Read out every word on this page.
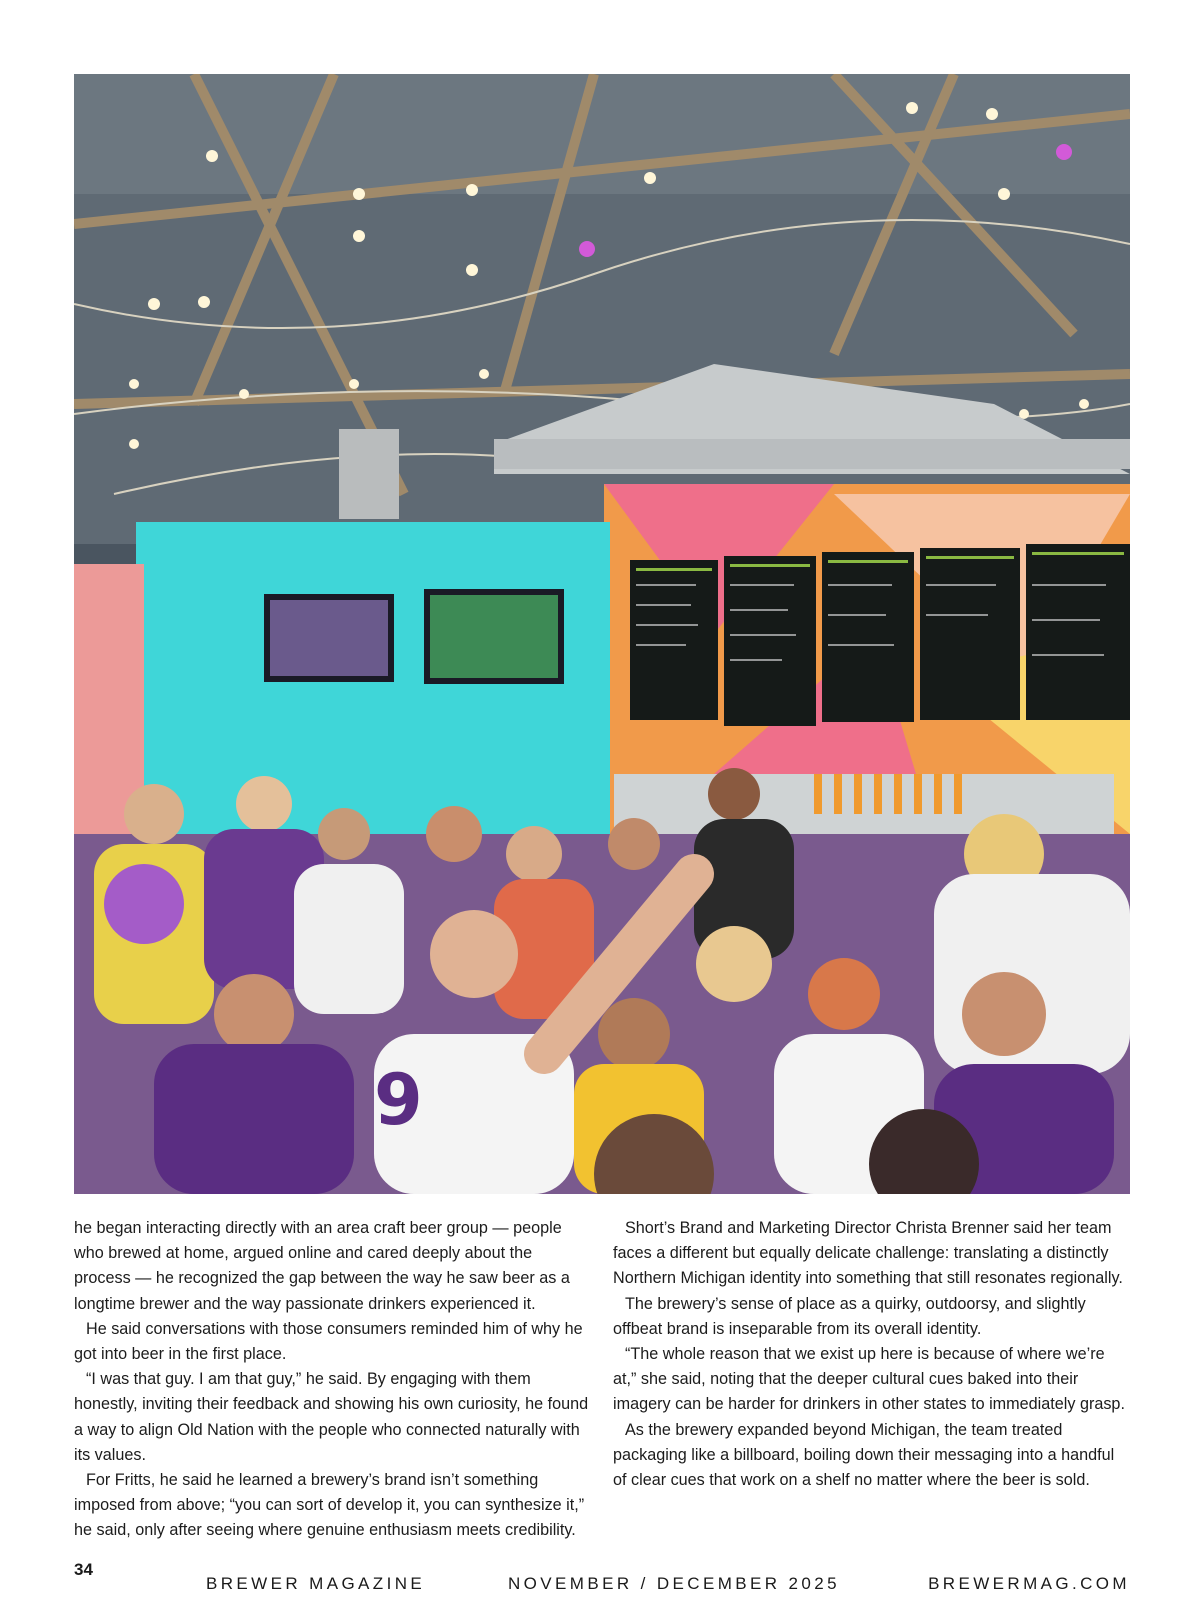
9

he began interacting directly with an area craft beer group — people who brewed at home, argued online and cared deeply about the process — he recognized the gap between the way he saw beer as a longtime brewer and the way passionate drinkers experienced it.

He said conversations with those consumers reminded him of why he got into beer in the first place.

“I was that guy. I am that guy,” he said. By engaging with them honestly, inviting their feedback and showing his own curiosity, he found a way to align Old Nation with the people who connected naturally with its values.

For Fritts, he said he learned a brewery’s brand isn’t something imposed from above; “you can sort of develop it, you can synthesize it,” he said, only after seeing where genuine enthusiasm meets credibility.

Short’s Brand and Marketing Director Christa Brenner said her team faces a different but equally delicate challenge: translating a distinctly Northern Michigan identity into something that still resonates regionally.

The brewery’s sense of place as a quirky, outdoorsy, and slightly offbeat brand is inseparable from its overall identity.

“The whole reason that we exist up here is because of where we’re at,” she said, noting that the deeper cultural cues baked into their imagery can be harder for drinkers in other states to immediately grasp.

As the brewery expanded beyond Michigan, the team treated packaging like a billboard, boiling down their messaging into a handful of clear cues that work on a shelf no matter where the beer is sold.

34
BREWER MAGAZINE	NOVEMBER / DECEMBER 2025	BREWERMAG.COM
